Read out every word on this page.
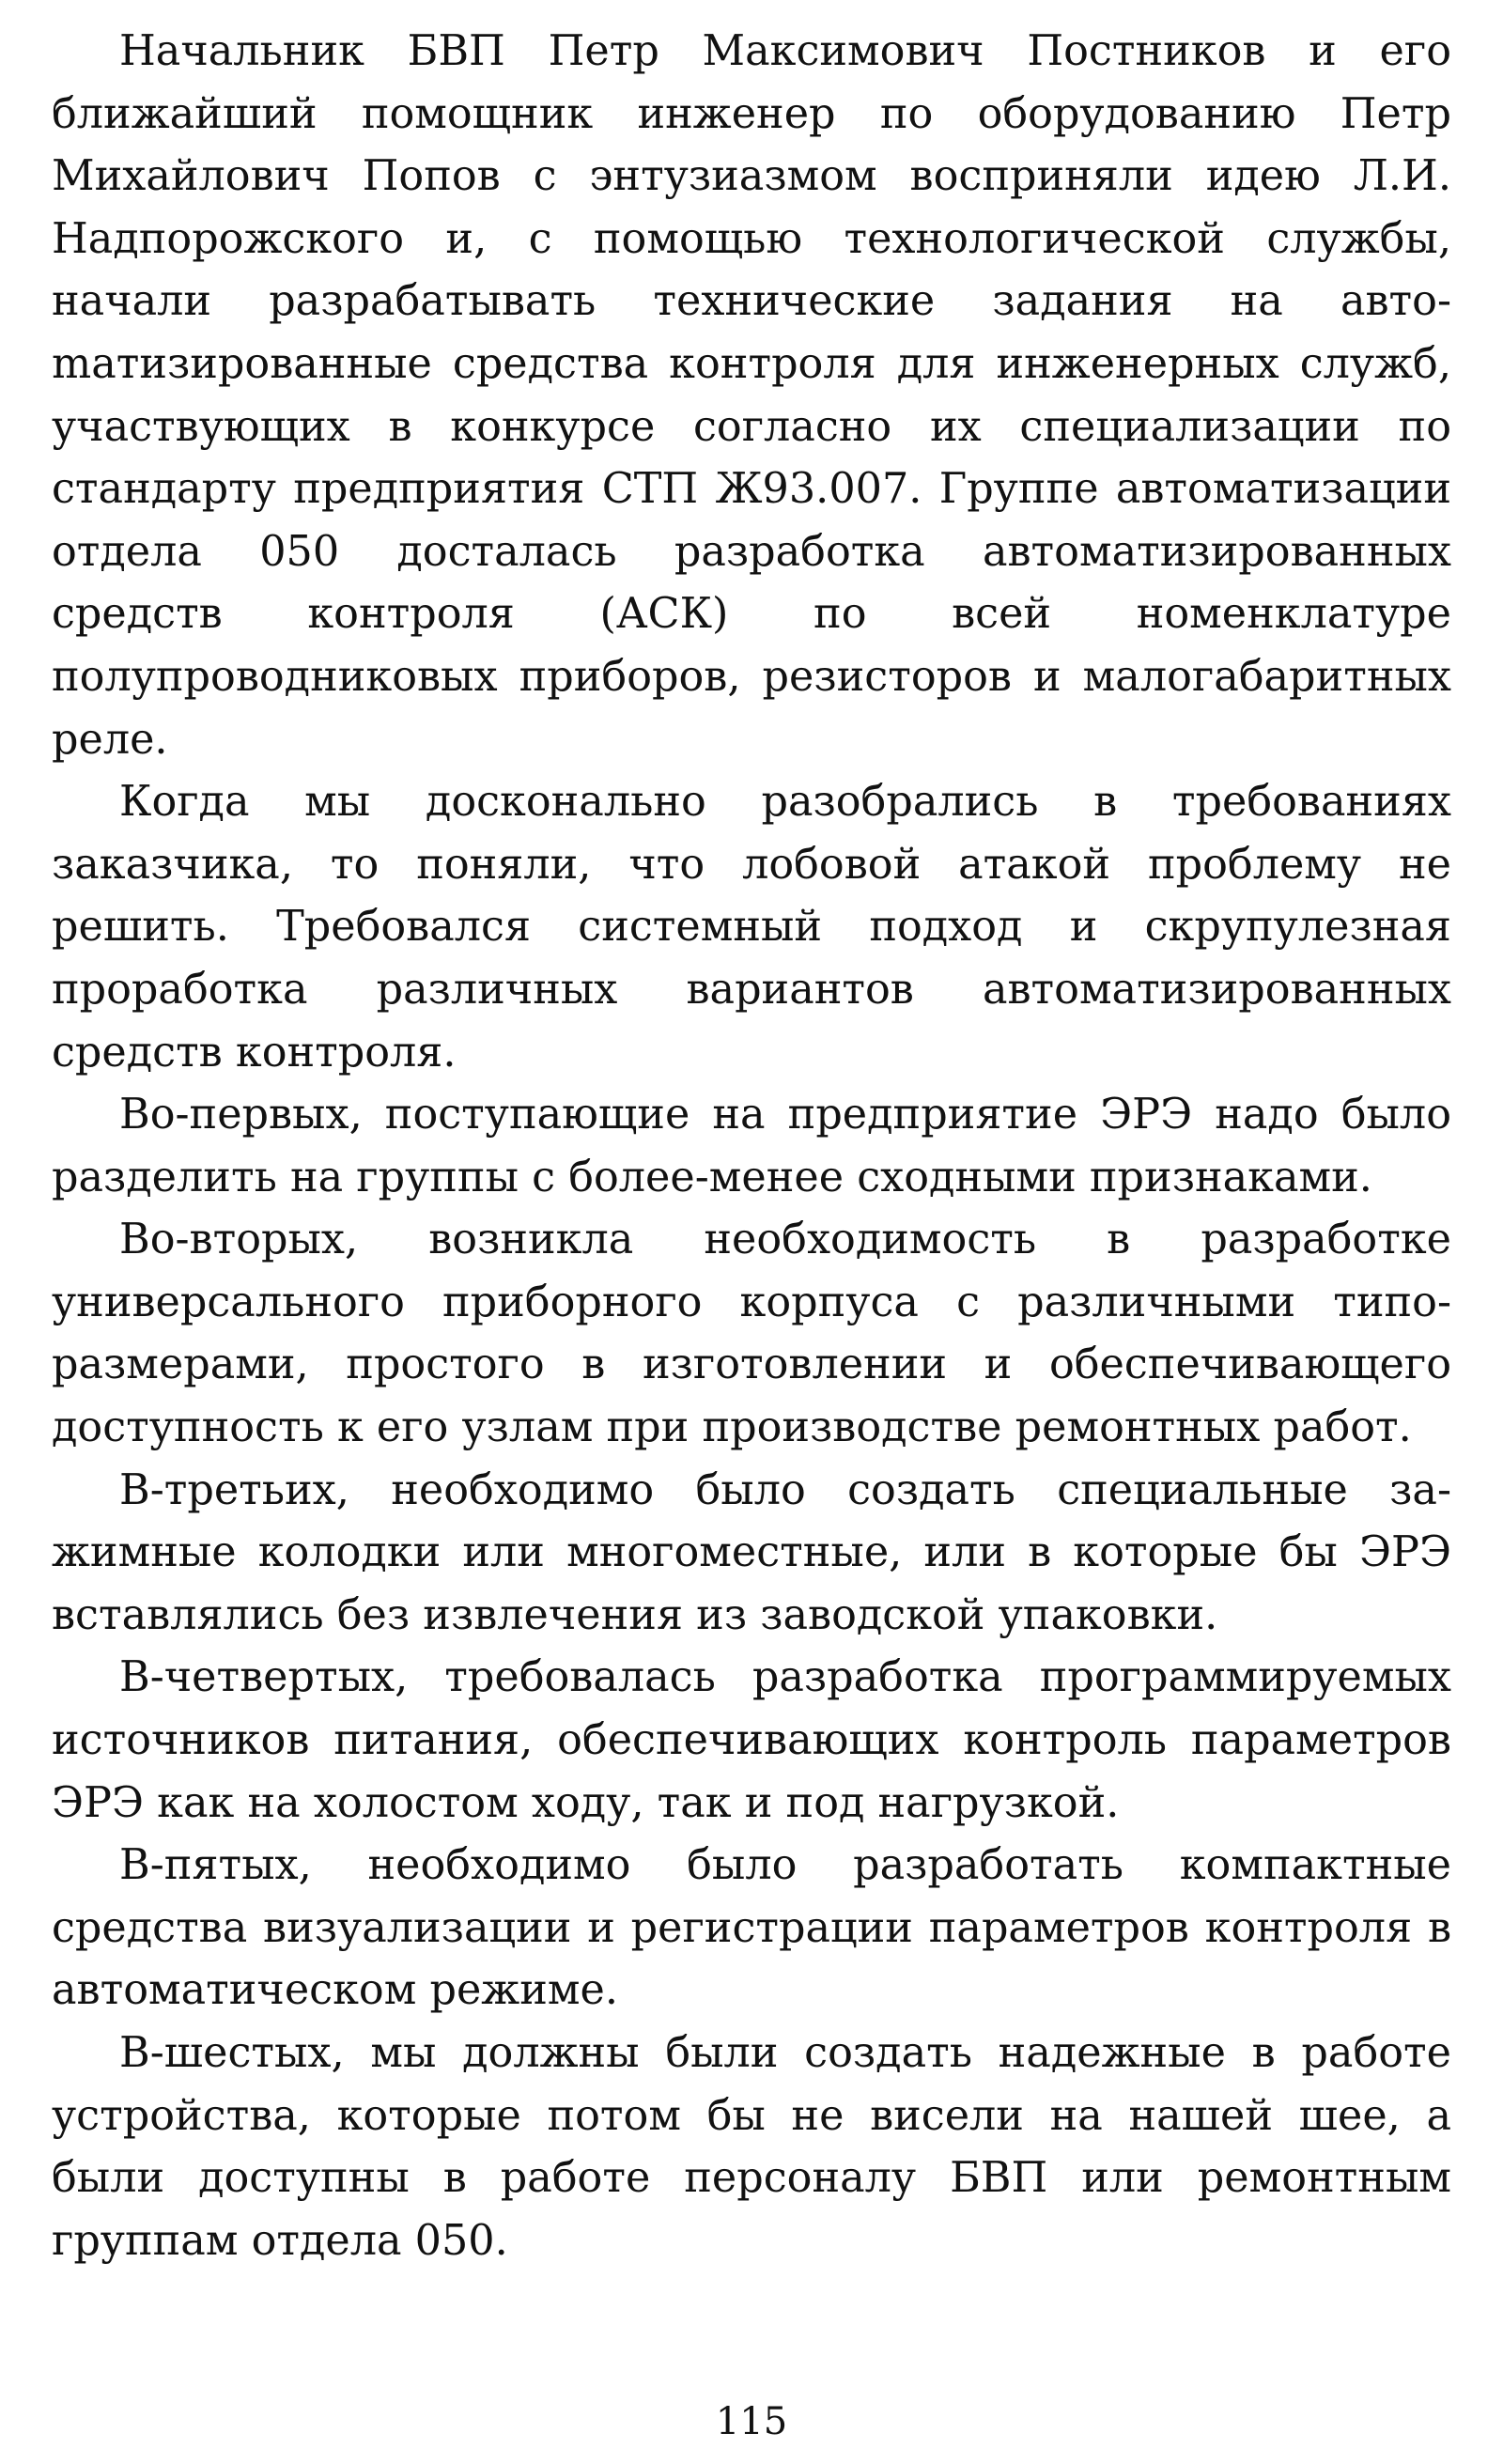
Начальник БВП Петр Максимович Постников и его ближайший помощник инженер по оборудованию Петр Михайлович Попов с энтузиазмом восприняли идею Л.И. Надпорожского и, с помощью технологической службы, начали разрабатывать технические задания на автоmатизированные средства контроля для инженерных служб, участвующих в конкурсе согласно их специализации по стандарту предприятия СТП Ж93.007. Группе автоматизации отдела 050 досталась разработка автоматизированных средств контроля (АСК) по всей номенклатуре полупроводниковых приборов, резисторов и малогабаритных реле.

Когда мы досконально разобрались в требованиях заказчика, то поняли, что лобовой атакой проблему не решить. Требовался системный подход и скрупулезная проработка различных вариантов автоматизированных средств контроля.

Во-первых, поступающие на предприятие ЭРЭ надо было разделить на группы с более-менее сходными признаками.

Во-вторых, возникла необходимость в разработке универсального приборного корпуса с различными типоразмерами, простого в изготовлении и обеспечивающего доступность к его узлам при производстве ремонтных работ.

В-третьих, необходимо было создать специальные зажимные колодки или многоместные, или в которые бы ЭРЭ вставлялись без извлечения из заводской упаковки.

В-четвертых, требовалась разработка программируемых источников питания, обеспечивающих контроль параметров ЭРЭ как на холостом ходу, так и под нагрузкой.

В-пятых, необходимо было разработать компактные средства визуализации и регистрации параметров контроля в автоматическом режиме.

В-шестых, мы должны были создать надежные в работе устройства, которые потом бы не висели на нашей шее, а были доступны в работе персоналу БВП или ремонтным группам отдела 050.

115
